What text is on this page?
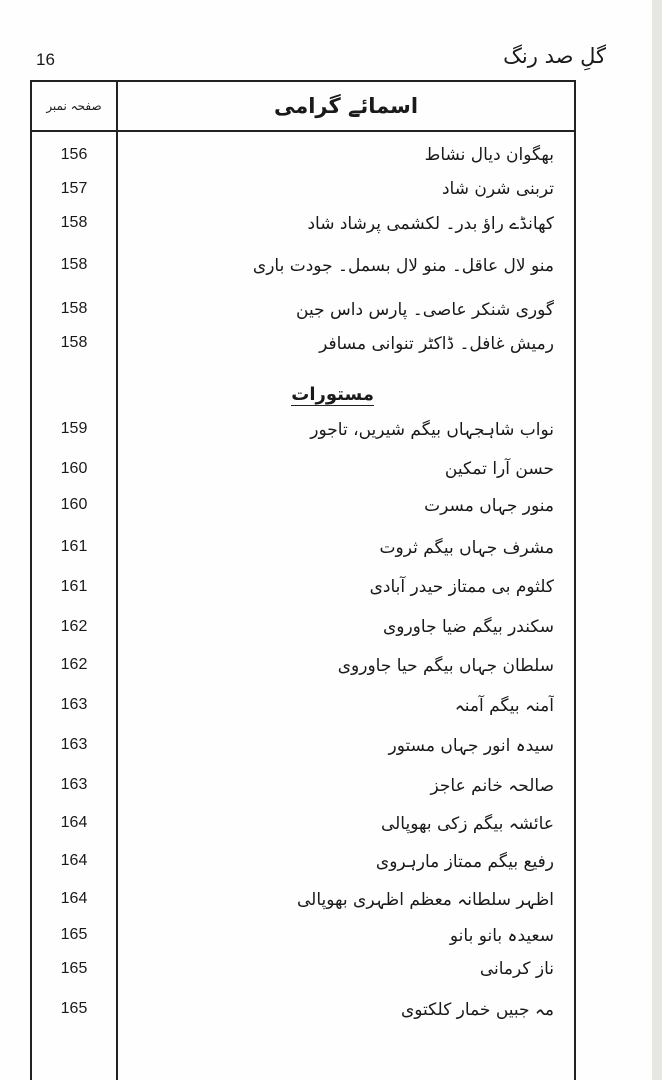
16	گلِ صد رنگ
صفحہ نمبر	اسمائے گرامی
مستورات
156	بھگوان دیال نشاط
157	تربنی شرن شاد
158	کھانڈے راؤ بدر۔ لکشمی پرشاد شاد
158	منو لال عاقل۔ منو لال بسمل۔ جودت باری
158	گوری شنکر عاصی۔ پارس داس جین
158	رمیش غافل۔ ڈاکٹر تنوانی مسافر
159	نواب شاہجہاں بیگم شیریں، تاجور
160	حسن آرا تمکین
160	منور جہاں مسرت
161	مشرف جہاں بیگم ثروت
161	کلثوم بی ممتاز حیدر آبادی
162	سکندر بیگم ضیا جاوروی
162	سلطان جہاں بیگم حیا جاوروی
163	آمنہ بیگم آمنہ
163	سیدہ انور جہاں مستور
163	صالحہ خانم عاجز
164	عائشہ بیگم زکی بھوپالی
164	رفیع بیگم ممتاز مارہروی
164	اظہر سلطانہ معظم اظہری بھوپالی
165	سعیدہ بانو بانو
165	ناز کرمانی
165	مہ جبیں خمار کلکتوی
